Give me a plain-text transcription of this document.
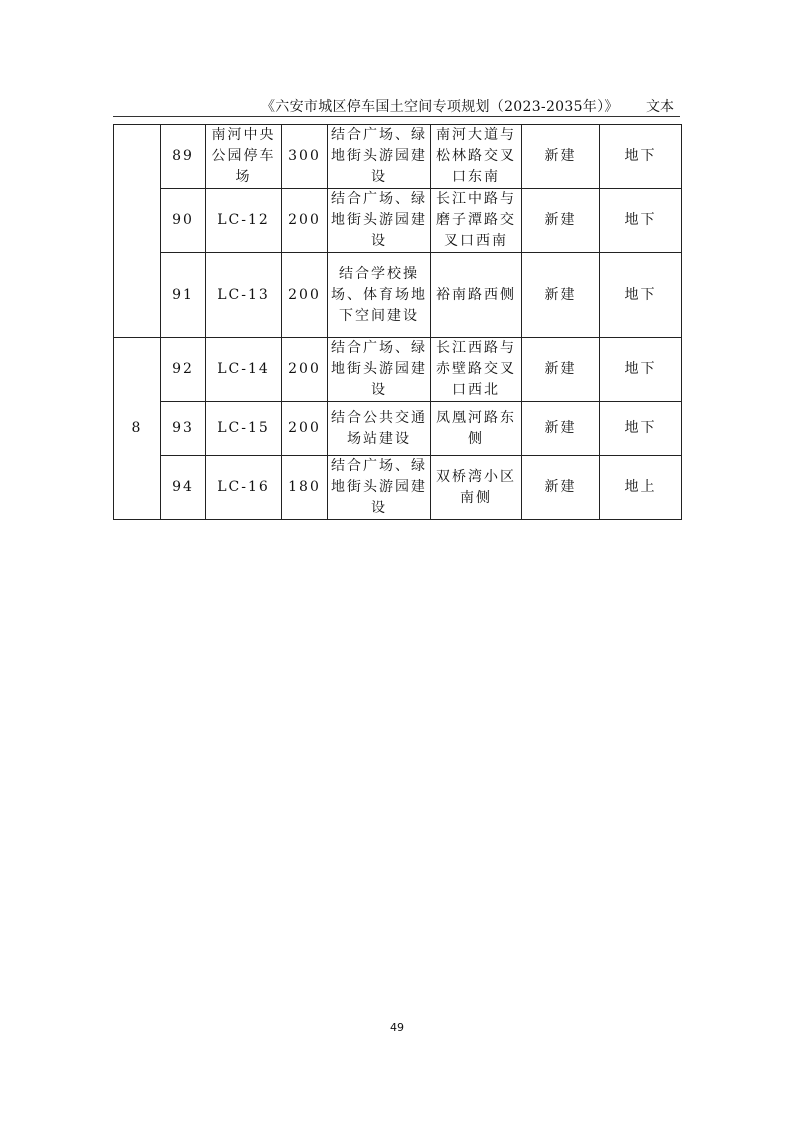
《六安市城区停车国土空间专项规划（2023-2035年）》 文本
	89	南河中央公园停车场	300	结合广场、绿地街头游园建设	南河大道与松林路交叉口东南	新建	地下
	90	LC-12	200	结合广场、绿地街头游园建设	长江中路与磨子潭路交叉口西南	新建	地下
	91	LC-13	200	结合学校操场、体育场地下空间建设	裕南路西侧	新建	地下
8	92	LC-14	200	结合广场、绿地街头游园建设	长江西路与赤壁路交叉口西北	新建	地下
	93	LC-15	200	结合公共交通场站建设	凤凰河路东侧	新建	地下
	94	LC-16	180	结合广场、绿地街头游园建设	双桥湾小区南侧	新建	地上
49
